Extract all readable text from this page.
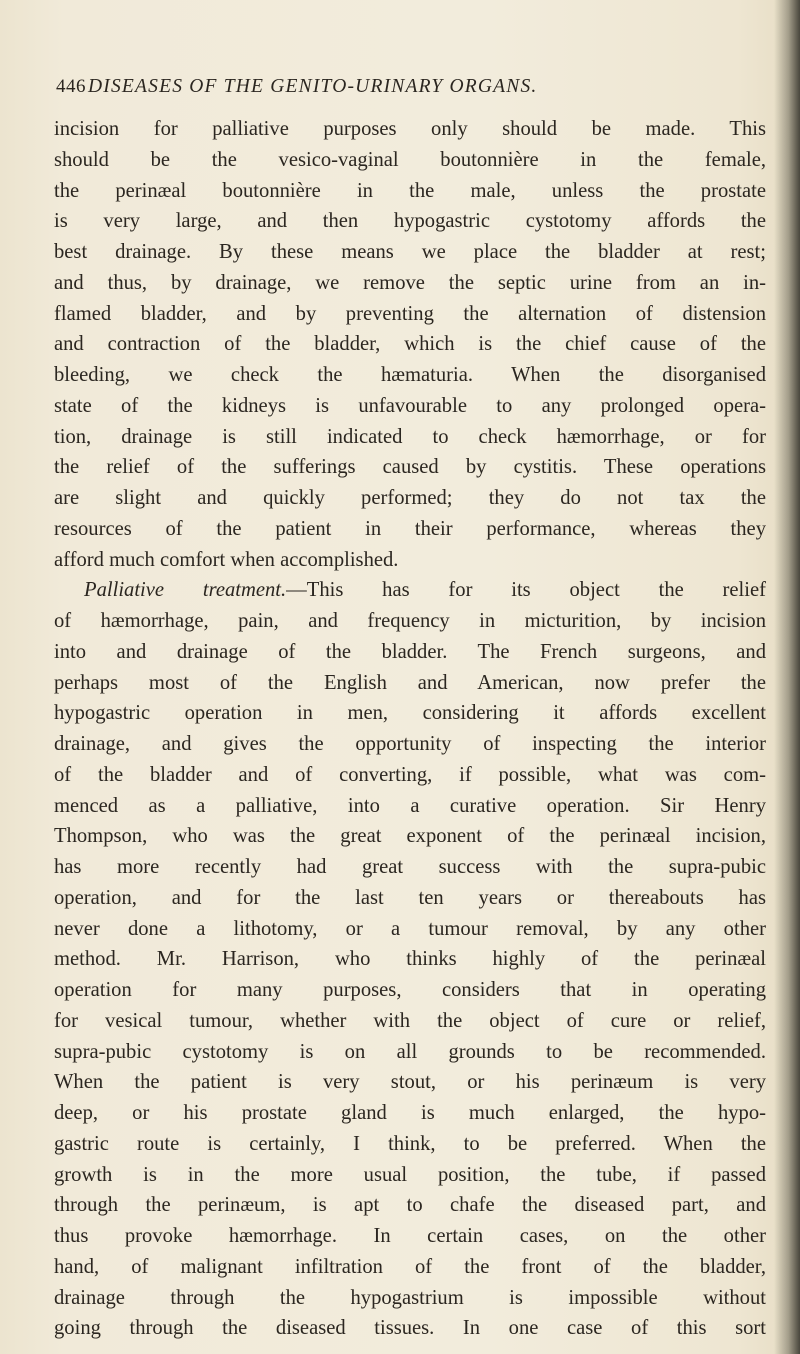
446 DISEASES OF THE GENITO-URINARY ORGANS.
incision for palliative purposes only should be made. This
should be the vesico-vaginal boutonnière in the female,
the perinæal boutonnière in the male, unless the prostate
is very large, and then hypogastric cystotomy affords the
best drainage. By these means we place the bladder at rest;
and thus, by drainage, we remove the septic urine from an in-
flamed bladder, and by preventing the alternation of distension
and contraction of the bladder, which is the chief cause of the
bleeding, we check the hæmaturia. When the disorganised
state of the kidneys is unfavourable to any prolonged opera-
tion, drainage is still indicated to check hæmorrhage, or for
the relief of the sufferings caused by cystitis. These operations
are slight and quickly performed; they do not tax the
resources of the patient in their performance, whereas they
afford much comfort when accomplished.
Palliative treatment.—This has for its object the relief
of hæmorrhage, pain, and frequency in micturition, by incision
into and drainage of the bladder. The French surgeons, and
perhaps most of the English and American, now prefer the
hypogastric operation in men, considering it affords excellent
drainage, and gives the opportunity of inspecting the interior
of the bladder and of converting, if possible, what was com-
menced as a palliative, into a curative operation. Sir Henry
Thompson, who was the great exponent of the perinæal incision,
has more recently had great success with the supra-pubic
operation, and for the last ten years or thereabouts has
never done a lithotomy, or a tumour removal, by any other
method. Mr. Harrison, who thinks highly of the perinæal
operation for many purposes, considers that in operating
for vesical tumour, whether with the object of cure or relief,
supra-pubic cystotomy is on all grounds to be recommended.
When the patient is very stout, or his perinæum is very
deep, or his prostate gland is much enlarged, the hypo-
gastric route is certainly, I think, to be preferred. When the
growth is in the more usual position, the tube, if passed
through the perinæum, is apt to chafe the diseased part, and
thus provoke hæmorrhage. In certain cases, on the other
hand, of malignant infiltration of the front of the bladder,
drainage through the hypogastrium is impossible without
going through the diseased tissues. In one case of this sort
